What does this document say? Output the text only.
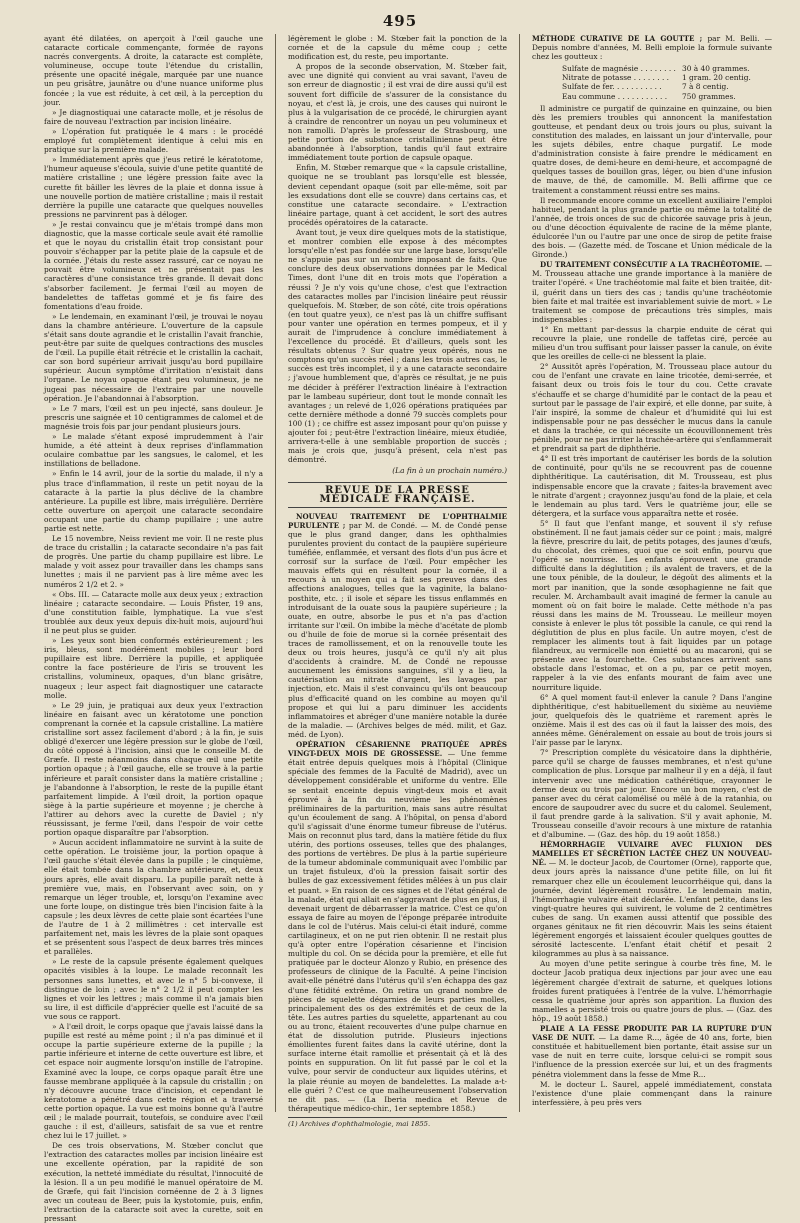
495

ayant été dilatées, on aperçoit à l'œil gauche une cataracte corticale commençante, formée de rayons nacrés convergents. A droite, la cataracte est complète, volumineuse, occupe toute l'étendue du cristallin, présente une opacité inégale, marquée par une nuance un peu grisâtre, jaunâtre ou d'une nuance uniforme plus foncée ; la vue est réduite, à cet œil, à la perception du jour.

» Je diagnostiquai une cataracte molle, et je résolus de faire de nouveau l'extraction par incision linéaire.

» L'opération fut pratiquée le 4 mars : le procédé employé fut complètement identique à celui mis en pratique sur la première malade.

» Immédiatement après que j'eus retiré le kératotome, l'humeur aqueuse s'écoula, suivie d'une petite quantité de matière cristalline ; une légère pression faite avec la curette fit bâiller les lèvres de la plaie et donna issue à une nouvelle portion de matière cristalline ; mais il restait derrière la pupille une cataracte que quelques nouvelles pressions ne parvinrent pas à déloger.

» Je restai convaincu que je m'étais trompé dans mon diagnostic, que la masse corticale seule avait été ramollie et que le noyau du cristallin était trop consistant pour pouvoir s'échapper par la petite plaie de la capsule et de la cornée. J'étais du reste assez rassuré, car ce noyau ne pouvait être volumineux et ne présentait pas les caractères d'une consistance très grande. Il devait donc s'absorber facilement. Je fermai l'œil au moyen de bandelettes de taffetas gommé et je fis faire des fomentations d'eau froide.

» Le lendemain, en examinant l'œil, je trouvai le noyau dans la chambre antérieure. L'ouverture de la capsule s'était sans doute agrandie et le cristallin l'avait franchie, peut-être par suite de quelques contractions des muscles de l'œil. La pupille était rétrécie et le cristallin la cachait, car son bord supérieur arrivait jusqu'au bord pupillaire supérieur. Aucun symptôme d'irritation n'existait dans l'organe. Le noyau opaque étant peu volumineux, je ne jugeai pas nécessaire de l'extraire par une nouvelle opération. Je l'abandonnai à l'absorption.

» Le 7 mars, l'œil est un peu injecté, sans douleur. Je prescris une saignée et 10 centigrammes de calomel et de magnésie trois fois par jour pendant plusieurs jours.

» Le malade s'étant exposé imprudemment à l'air humide, a été atteint à deux reprises d'inflammation oculaire combattue par les sangsues, le calomel, et les instillations de belladone.

» Enfin le 14 avril, jour de la sortie du malade, il n'y a plus trace d'inflammation, il reste un petit noyau de la cataracte à la partie la plus déclive de la chambre antérieure. La pupille est libre, mais irrégulière. Derrière cette ouverture on aperçoit une cataracte secondaire occupant une partie du champ pupillaire ; une autre partie est nette.

Le 15 novembre, Neiss revient me voir. Il ne reste plus de trace du cristallin ; la cataracte secondaire n'a pas fait de progrès. Une partie du champ pupillaire est libre. Le malade y voit assez pour travailler dans les champs sans lunettes ; mais il ne parvient pas à lire même avec les numéros 2 1/2 et 2. »

« Obs. III. — Cataracte molle aux deux yeux ; extraction linéaire ; cataracte secondaire. — Louis Pfister, 19 ans, d'une constitution faible, lymphatique. La vue s'est troublée aux deux yeux depuis dix-huit mois, aujourd'hui il ne peut plus se guider.

» Les yeux sont bien conformés extérieurement ; les iris, bleus, sont modérément mobiles ; leur bord pupillaire est libre. Derrière la pupille, et appliquée contre la face postérieure de l'iris se trouvent les cristallins, volumineux, opaques, d'un blanc grisâtre, nuageux ; leur aspect fait diagnostiquer une cataracte molle.

» Le 29 juin, je pratiquai aux deux yeux l'extraction linéaire en faisant avec un kératotome une ponction comprenant la cornée et la capsule cristalline. La matière cristalline sort assez facilement d'abord ; à la fin, je suis obligé d'exercer une légère pression sur le globe de l'œil, du côté opposé à l'incision, ainsi que le conseille M. de Græfe. Il reste néanmoins dans chaque œil une petite portion opaque ; à l'œil gauche, elle se trouve à la partie inférieure et paraît consister dans la matière cristalline ; je l'abandonne à l'absorption, le reste de la pupille étant parfaitement limpide. A l'œil droit, la portion opaque siège à la partie supérieure et moyenne ; je cherche à l'attirer au dehors avec la curette de Daviel ; n'y réussissant, je ferme l'œil, dans l'espoir de voir cette portion opaque disparaître par l'absorption.

» Aucun accident inflammatoire ne survint à la suite de cette opération. Le troisième jour, la portion opaque à l'œil gauche s'était élevée dans la pupille ; le cinquième, elle était tombée dans la chambre antérieure, et, deux jours après, elle avait disparu. La pupille paraît nette à première vue, mais, en l'observant avec soin, on y remarque un léger trouble, et, lorsqu'on l'examine avec une forte loupe, on distingue très bien l'incision faite à la capsule ; les deux lèvres de cette plaie sont écartées l'une de l'autre de 1 à 2 millimètres : cet intervalle est parfaitement net, mais les lèvres de la plaie sont opaques et se présentent sous l'aspect de deux barres très minces et parallèles.

» Le reste de la capsule présente également quelques opacités visibles à la loupe. Le malade reconnaît les personnes sans lunettes, et avec le n° 5 bi-convexe, il distingue de loin ; avec le n° 2 1/2 il peut compter les lignes et voir les lettres ; mais comme il n'a jamais bien su lire, il est difficile d'apprécier quelle est l'acuité de sa vue sous ce rapport.

» A l'œil droit, le corps opaque que j'avais laissé dans la pupille est resté au même point ; il n'a pas diminué et il occupe la partie supérieure externe de la pupille ; la partie inférieure et interne de cette ouverture est libre, et cet espace noir augmente lorsqu'on instille de l'atropine. Examiné avec la loupe, ce corps opaque paraît être une fausse membrane appliquée à la capsule du cristallin ; on n'y découvre aucune trace d'incision, et cependant le kératotome a pénétré dans cette région et a traversé cette portion opaque. La vue est moins bonne qu'à l'autre œil ; le malade pourrait, toutefois, se conduire avec l'œil gauche : il est, d'ailleurs, satisfait de sa vue et rentre chez lui le 17 juillet. »

De ces trois observations, M. Stœber conclut que l'extraction des cataractes molles par incision linéaire est une excellente opération, par la rapidité de son exécution, la netteté immédiate du résultat, l'innocuité de la lésion. Il a un peu modifié le manuel opératoire de M. de Græfe, qui fait l'incision cornéenne de 2 à 3 lignes avec un couteau de Beer, puis la kystotomie, puis, enfin, l'extraction de la cataracte soit avec la curette, soit en pressant

légèrement le globe : M. Stœber fait la ponction de la cornée et de la capsule du même coup ; cette modification est, du reste, peu importante.

A propos de la seconde observation, M. Stœber fait, avec une dignité qui convient au vrai savant, l'aveu de son erreur de diagnostic ; il est vrai de dire aussi qu'il est souvent fort difficile de s'assurer de la consistance du noyau, et c'est là, je crois, une des causes qui nuiront le plus à la vulgarisation de ce procédé, le chirurgien ayant à craindre de rencontrer un noyau un peu volumineux et non ramolli. D'après le professeur de Strasbourg, une petite portion de substance cristallinienne peut être abandonnée à l'absorption, tandis qu'il faut extraire immédiatement toute portion de capsule opaque.

Enfin, M. Stœber remarque que « la capsule cristalline, quoique ne se troublant pas lorsqu'elle est blessée, devient cependant opaque (soit par elle-même, soit par les exsudations dont elle se couvre) dans certains cas, et constitue une cataracte secondaire. » L'extraction linéaire partage, quant à cet accident, le sort des autres procédés opératoires de la cataracte.

Avant tout, je veux dire quelques mots de la statistique, et montrer combien elle expose à des mécomptes lorsqu'elle n'est pas fondée sur une large base, lorsqu'elle ne s'appuie pas sur un nombre imposant de faits. Que conclure des deux observations données par le Medical Times, dont l'une dit en trois mots que l'opération a réussi ? Je n'y vois qu'une chose, c'est que l'extraction des cataractes molles par l'incision linéaire peut réussir quelquefois. M. Stœber, de son côté, cite trois opérations (en tout quatre yeux), ce n'est pas là un chiffre suffisant pour vanter une opération en termes pompeux, et il y aurait de l'imprudence à conclure immédiatement à l'excellence du procédé. Et d'ailleurs, quels sont les résultats obtenus ? Sur quatre yeux opérés, nous ne comptons qu'un succès réel ; dans les trois autres cas, le succès est très incomplet, il y a une cataracte secondaire ; j'avoue humblement que, d'après ce résultat, je ne puis me décider à préférer l'extraction linéaire à l'extraction par le lambeau supérieur, dont tout le monde connaît les avantages ; un relevé de 1,026 opérations pratiquées par cette dernière méthode a donné 79 succès complets pour 100 (1) ; ce chiffre est assez imposant pour qu'on puisse y ajouter foi ; peut-être l'extraction linéaire, mieux étudiée, arrivera-t-elle à une semblable proportion de succès ; mais je crois que, jusqu'à présent, cela n'est pas démontré.

(La fin à un prochain numéro.)
REVUE DE LA PRESSE MÉDICALE FRANÇAISE.

NOUVEAU TRAITEMENT DE L'OPHTHALMIE PURULENTE ; par M. de Condé. — M. de Condé pense que le plus grand danger, dans les ophthalmies purulentes provient du contact de la paupière supérieure tuméfiée, enflammée, et versant des flots d'un pus âcre et corrosif sur la surface de l'œil. Pour empêcher les mauvais effets qui en résultent pour la cornée, il a recours à un moyen qui a fait ses preuves dans des affections analogues, telles que la vaginite, la balano-posthite, etc. ; il isole et sépare les tissus enflammés en introduisant de la ouate sous la paupière supérieure ; la ouate, en outre, absorbe le pus et n'a pas d'action irritante sur l'œil. On imbibe la mèche d'acétate de plomb ou d'huile de foie de morue si la cornée présentait des traces de ramollissement, et on la renouvelle toute les deux ou trois heures, jusqu'à ce qu'il n'y ait plus d'accidents à craindre. M. de Condé ne repousse aucunement les émissions sanguines, s'il y a lieu, la cautérisation au nitrate d'argent, les lavages par injection, etc. Mais il s'est convaincu qu'ils ont beaucoup plus d'efficacité quand on les combine au moyen qu'il propose et qui lui a paru diminuer les accidents inflammatoires et abréger d'une manière notable la durée de la maladie. — (Archives belges de méd. milit, et Gaz. méd. de Lyon).

OPÉRATION CÉSARIENNE PRATIQUÉE APRÈS VINGT-DEUX MOIS DE GROSSESSE. — Une femme était entrée depuis quelques mois à l'hôpital (Clinique spéciale des femmes de la Faculté de Madrid), avec un développement considérable et uniforme du ventre. Elle se sentait enceinte depuis vingt-deux mois et avait éprouvé à la fin du neuvième les phénomènes préliminaires de la parturition, mais sans autre résultat qu'un écoulement de sang. A l'hôpital, on pensa d'abord qu'il s'agissait d'une énorme tumeur fibreuse de l'utérus. Mais on reconnut plus tard, dans la matière fétide du flux utérin, des portions osseuses, telles que des phalanges, des portions de vertèbres. De plus à la partie supérieure de la tumeur abdominale communiquait avec l'ombilic par un trajet fistuleux, d'où la pression faisait sortir des bulles de gaz excessivement fétides mêlées à un pus clair et puant. » En raison de ces signes et de l'état général de la malade, état qui allait en s'aggravant de plus en plus, il devenait urgent de débarrasser la matrice. C'est ce qu'on essaya de faire au moyen de l'éponge préparée introduite dans le col de l'utérus. Mais celui-ci était induré, comme cartilagineux, et on ne put rien obtenir. Il ne restait plus qu'à opter entre l'opération césarienne et l'incision multiple du col. On se décida pour la première, et elle fut pratiquée par le docteur Alonzo y Rubio, en présence des professeurs de clinique de la Faculté. A peine l'incision avait-elle pénétré dans l'utérus qu'il s'en échappa des gaz d'une fétidité extrême. On retira un grand nombre de pièces de squelette dégarnies de leurs parties molles, principalement des os des extrémités et de ceux de la tête. Les autres parties du squelette, appartenant au cou ou au tronc, étaient recouvertes d'une pulpe charnue en état de dissolution putride. Plusieurs injections émollientes furent faites dans la cavité utérine, dont la surface interne était ramollie et présentait çà et là des points en suppuration. On lit fut passé par le col et la vulve, pour servir de conducteur aux liquides utérins, et la plaie réunie au moyen de bandelettes. La malade a-t-elle guéri ? C'est ce que malheureusement l'observation ne dit pas. — (La Iberia medica et Revue de thérapeutique médico-chir., 1er septembre 1858.)

(1) Archives d'ophthalmologie, mai 1855.

MÉTHODE CURATIVE DE LA GOUTTE ; par M. Belli. — Depuis nombre d'années, M. Belli emploie la formule suivante chez les goutteux :

Sulfate de magnésie . . . . . . . . 30 à 40 grammes.
Nitrate de potasse . . . . . . . .	1 gram. 20 centig.
Sulfate de fer. . . . . . . . . . .	7 à 8 centig.
Eau commune . . . . . . . . . . .	750 grammes.

Il administre ce purgatif de quinzaine en quinzaine, ou bien dès les premiers troubles qui annoncent la manifestation goutteuse, et pendant deux ou trois jours ou plus, suivant la constitution des malades, en laissant un jour d'intervalle, pour les sujets débiles, entre chaque purgatif. Le mode d'administration consiste à faire prendre le médicament en quatre doses, de demi-heure en demi-heure, et accompagné de quelques tasses de bouillon gras, léger, ou bien d'une infusion de mauve, de thé, de camomille. M. Belli affirme que ce traitement a constamment réussi entre ses mains.

Il recommande encore comme un excellent auxiliaire l'emploi habituel, pendant la plus grande partie ou même la totalité de l'année, de trois onces de suc de chicorée sauvage pris à jeun, ou d'une décoction équivalente de racine de la même plante, édulcorée l'un ou l'autre par une once de sirop de petite fraise des bois. — (Gazette méd. de Toscane et Union médicale de la Gironde.)

DU TRAITEMENT CONSÉCUTIF A LA TRACHÉOTOMIE. — M. Trousseau attache une grande importance à la manière de traiter l'opéré. « Une trachéotomie mal faite et bien traitée, dit-il, guérit dans un tiers des cas ; tandis qu'une trachéotomie bien faite et mal traitée est invariablement suivie de mort. » Le traitement se compose de précautions très simples, mais indispensables :

1° En mettant par-dessus la charpie enduite de cérat qui recouvre la plaie, une rondelle de taffetas ciré, percée au milieu d'un trou suffisant pour laisser passer la canule, on évite que les oreilles de celle-ci ne blessent la plaie.

2° Aussitôt après l'opération, M. Trousseau place autour du cou de l'enfant une cravate en laine tricotée, demi-serrée, et faisant deux ou trois fois le tour du cou. Cette cravate s'échauffe et se charge d'humidité par le contact de la peau et surtout par le passage de l'air expiré, et elle donne, par suite, à l'air inspiré, la somme de chaleur et d'humidité qui lui est indispensable pour ne pas dessécher le mucus dans la canule et dans la trachée, ce qui nécessite un écouvillonnement très pénible, pour ne pas irriter la trachée-artère qui s'enflammerait et prendrait sa part de diphthérie.

4° Il est très important de cautériser les bords de la solution de continuité, pour qu'ils ne se recouvrent pas de couenne diphthéritique. La cautérisation, dit M. Trousseau, est plus indispensable encore que la cravate ; faites-la bravement avec le nitrate d'argent ; crayonnez jusqu'au fond de la plaie, et cela le lendemain au plus tard. Vers le quatrième jour, elle se détergera, et la surface vous apparaîtra nette et rosée.

5° Il faut que l'enfant mange, et souvent il s'y refuse obstinément. Il ne faut jamais céder sur ce point ; mais, malgré la fièvre, prescrire du lait, de petits potages, des jaunes d'œufs, du chocolat, des crèmes, quoi que ce soit enfin, pourvu que l'opéré se nourrisse. Les enfants éprouvent une grande difficulté dans la déglutition ; ils avalent de travers, et de la une toux pénible, de la douleur, le dégoût des aliments et la mort par inanition, que la sonde œsophagienne ne fait que reculer. M. Archambault avait imaginé de fermer la canule au moment où on fait boire le malade. Cette méthode n'a pas réussi dans les mains de M. Trousseau. Le meilleur moyen consiste à enlever le plus tôt possible la canule, ce qui rend la déglutition de plus en plus facile. Un autre moyen, c'est de remplacer les aliments tout à fait liquides par un potage filandreux, au vermicelle non émietté ou au macaroni, qui se présente avec la fourchette. Ces substances arrivent sans obstacle dans l'estomac, et on a pu, par ce petit moyen, rappeler à la vie des enfants mourant de faim avec une nourriture liquide.

6° A quel moment faut-il enlever la canule ? Dans l'angine diphthéritique, c'est habituellement du sixième au neuvième jour, quelquefois dès le quatrième et rarement après le onzième. Mais il est des cas où il faut la laisser des mois, des années même. Généralement on essaie au bout de trois jours si l'air passe par le larynx.

7° Prescription complète du vésicatoire dans la diphthérie, parce qu'il se charge de fausses membranes, et n'est qu'une complication de plus. Lorsque par malheur il y en a déjà, il faut intervenir avec une médication cathérétique, crayonner le derme deux ou trois par jour. Encore un bon moyen, c'est de panser avec du cérat calomélisé ou mêlé à de la ratanhia, ou encore de saupoudrer avec du sucre et du calomel. Seulement, il faut prendre garde à la salivation. S'il y avait aphonie, M. Trousseau conseille d'avoir recours à une mixture de ratanhia et d'albumine. — (Gaz. des hôp. du 19 août 1858.)

HÉMORRHAGIE VULVAIRE AVEC FLUXION DES MAMELLES ET SÉCRÉTION LACTÉE CHEZ UN NOUVEAU-NÉ. — M. le docteur Jacob, de Courtomer (Orne), rapporte que, deux jours après la naissance d'une petite fille, on lui fit remarquer chez elle un écoulement leucorrhéique qui, dans la journée, devint légèrement rousâtre. Le lendemain matin, l'hémorrhagie vulvaire était déclarée. L'enfant petite, dans les vingt-quatre heures qui suivirent, le volume de 2 centimètres cubes de sang. Un examen aussi attentif que possible des organes génitaux ne fit rien découvrir. Mais les seins étaient légèrement engorgés et laissaient écouler quelques gouttes de sérosité lactescente. L'enfant était chétif et pesait 2 kilogrammes au plus à sa naissance.

Au moyen d'une petite seringue à courbe très fine, M. le docteur Jacob pratiqua deux injections par jour avec une eau légèrement chargée d'extrait de saturne, et quelques lotions froides furent pratiquées à l'entrée de la vulve. L'hémorrhagie cessa le quatrième jour après son apparition. La fluxion des mamelles a persisté trois ou quatre jours de plus. — (Gaz. des hôp., 19 août 1858.)

PLAIE A LA FESSE PRODUITE PAR LA RUPTURE D'UN VASE DE NUIT. — La dame R..., âgée de 40 ans, forte, bien constituée et habituellement bien portante, était assise sur un vase de nuit en terre cuite, lorsque celui-ci se rompit sous l'influence de la pression exercée sur lui, et un des fragments pénétra violemment dans la fesse de Mme R...

M. le docteur L. Saurel, appelé immédiatement, constata l'existence d'une plaie commençant dans la rainure interfessière, à peu près vers
